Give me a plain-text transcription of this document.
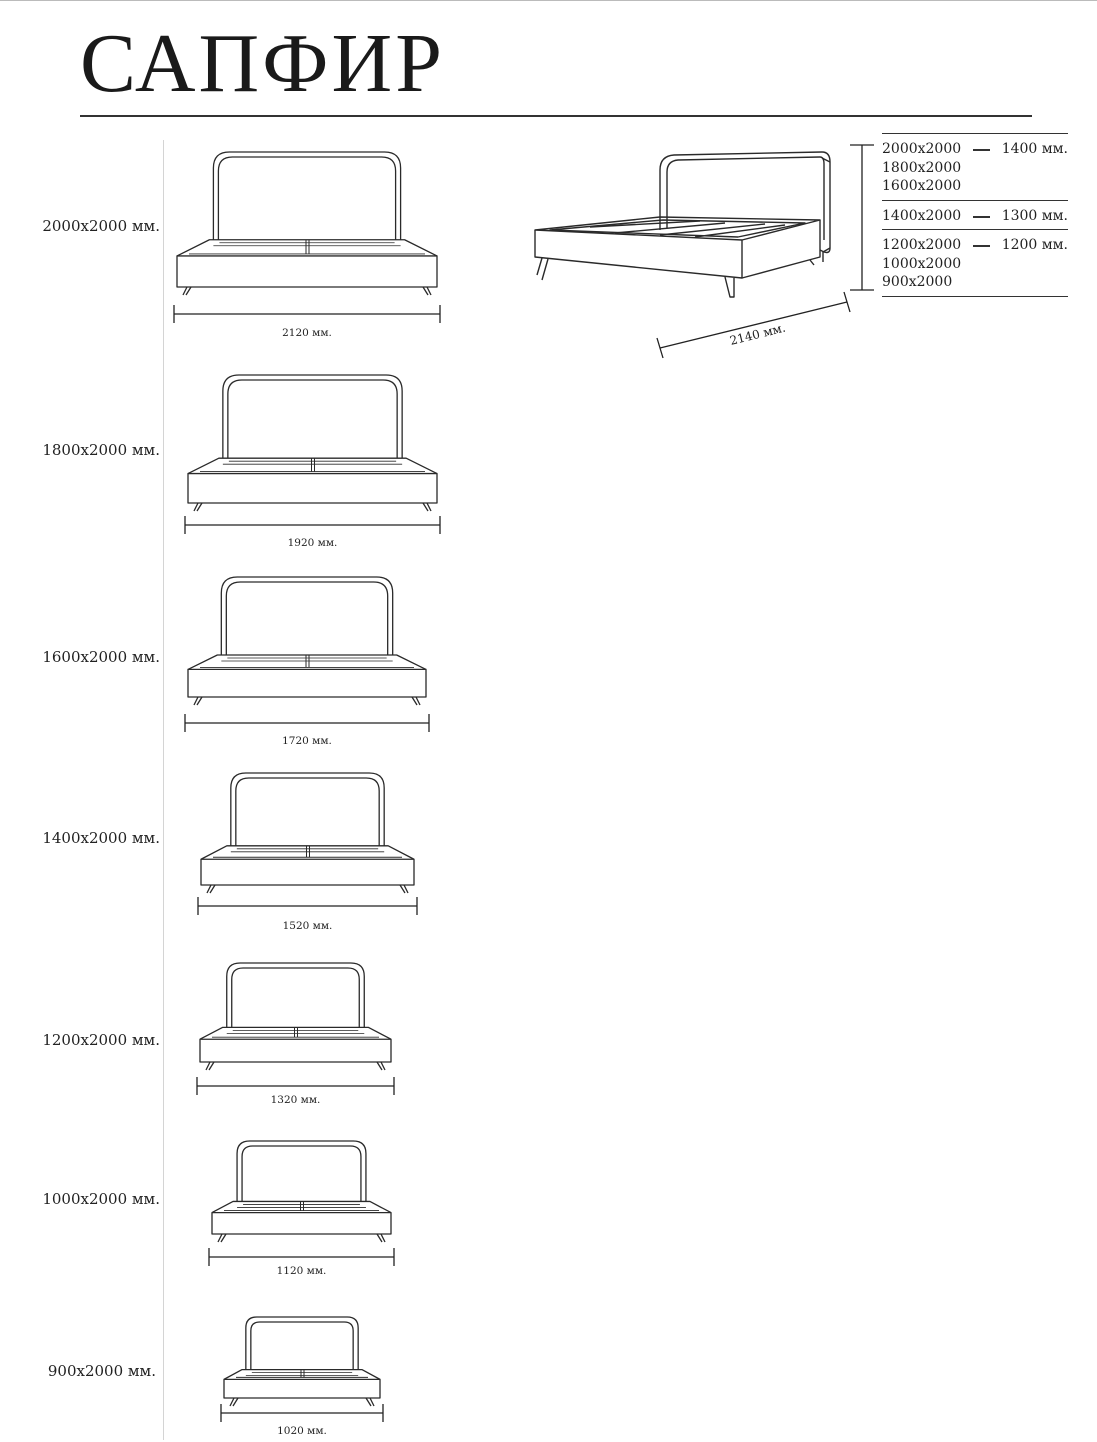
САПФИР
2000x2000 мм.
1800x2000 мм.
1600x2000 мм.
1400x2000 мм.
1200x2000 мм.
1000x2000 мм.
900x2000 мм.
2120 мм.
1920 мм.
1720 мм.
1520 мм.
1320 мм.
1120 мм.
1020 мм.
2140 мм.
2000x2000
1800x2000
1600x2000
1400 мм.
1400x2000	1300 мм.
1200x2000
1000x2000
900x2000
1200 мм.
